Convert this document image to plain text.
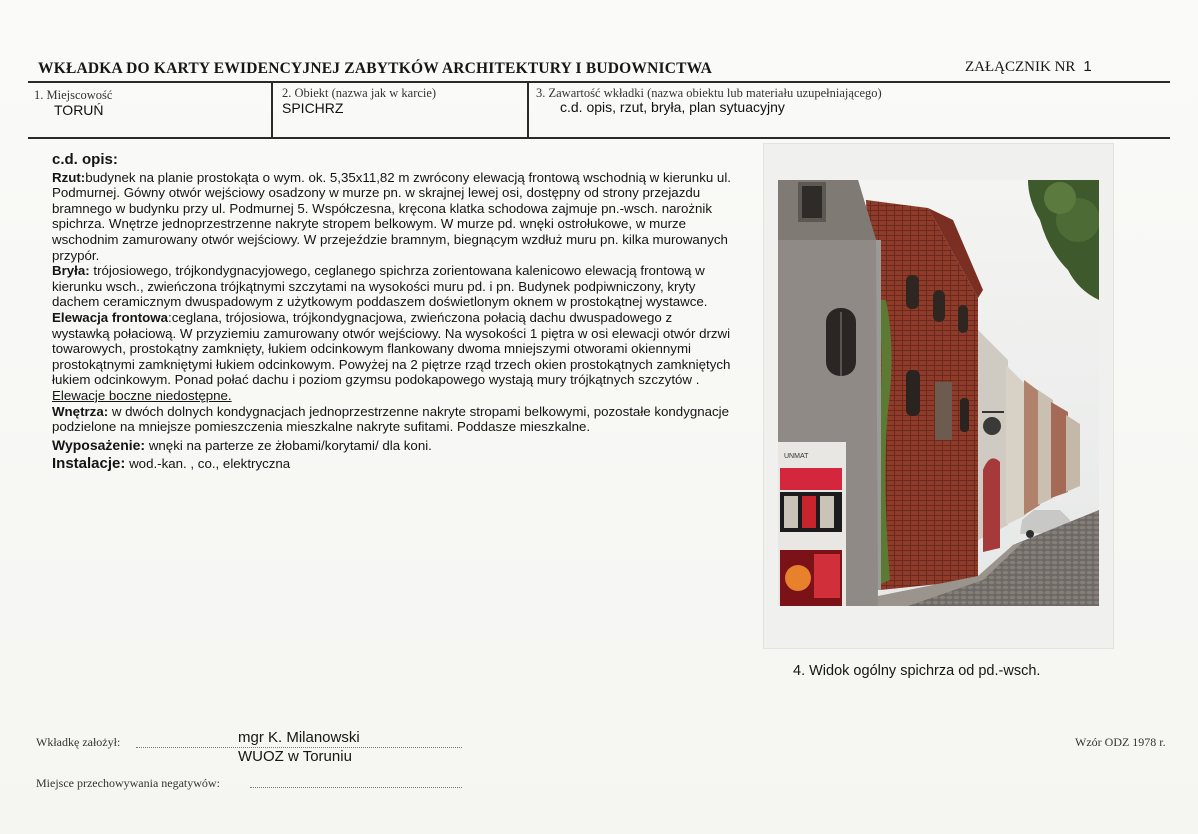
WKŁADKA DO KARTY EWIDENCYJNEJ ZABYTKÓW ARCHITEKTURY I BUDOWNICTWA	ZAŁĄCZNIK NR 1
1. Miejscowość
TORUŃ
2. Obiekt (nazwa jak w karcie)
SPICHRZ
3. Zawartość wkładki (nazwa obiektu lub materiału uzupełniającego)
c.d. opis, rzut, bryła, plan sytuacyjny
c.d. opis:

Rzut:budynek na planie prostokąta o wym. ok. 5,35x11,82 m zwrócony elewacją frontową wschodnią w kierunku ul. Podmurnej. Gówny otwór wejściowy osadzony w murze pn. w skrajnej lewej osi, dostępny od strony przejazdu bramnego w budynku przy ul. Podmurnej 5. Współczesna, kręcona klatka schodowa zajmuje pn.-wsch. narożnik spichrza. Wnętrze jednoprzestrzenne nakryte stropem belkowym. W murze pd. wnęki ostrołukowe, w murze wschodnim zamurowany otwór wejściowy. W przejeździe bramnym, biegnącym wzdłuż muru pn. kilka murowanych przypór.

Bryła: trójosiowego, trójkondygnacyjowego, ceglanego spichrza zorientowana kalenicowo elewacją frontową w kierunku wsch., zwieńczona trójkątnymi szczytami na wysokości muru pd. i pn. Budynek podpiwniczony, kryty dachem ceramicznym dwuspadowym z użytkowym poddaszem doświetlonym oknem w prostokątnej wystawce.

Elewacja frontowa:ceglana, trójosiowa, trójkondygnacjowa, zwieńczona połacią dachu dwuspadowego z wystawką połaciową. W przyziemiu zamurowany otwór wejściowy. Na wysokości 1 piętra w osi elewacji otwór drzwi towarowych, prostokątny zamknięty, łukiem odcinkowym flankowany dwoma mniejszymi otworami okiennymi prostokątnymi zamkniętymi łukiem odcinkowym. Powyżej na 2 piętrze rząd trzech okien prostokątnych zamkniętych łukiem odcinkowym. Ponad połać dachu i poziom gzymsu podokapowego wystają mury trójkątnych szczytów .
Elewacje boczne niedostępne.

Wnętrza: w dwóch dolnych kondygnacjach jednoprzestrzenne nakryte stropami belkowymi, pozostałe kondygnacje podzielone na mniejsze pomieszczenia mieszkalne nakryte sufitami. Poddasze mieszkalne.

Wyposażenie: wnęki na parterze ze żłobami/korytami/ dla koni.

Instalacje: wod.-kan. , co., elektryczna	UNMAT
4. Widok ogólny spichrza od pd.-wsch.
Wkładkę założył:	mgr K. Milanowski
WUOZ w Toruniu
Wzór ODZ 1978 r.
Miejsce przechowywania negatywów:
